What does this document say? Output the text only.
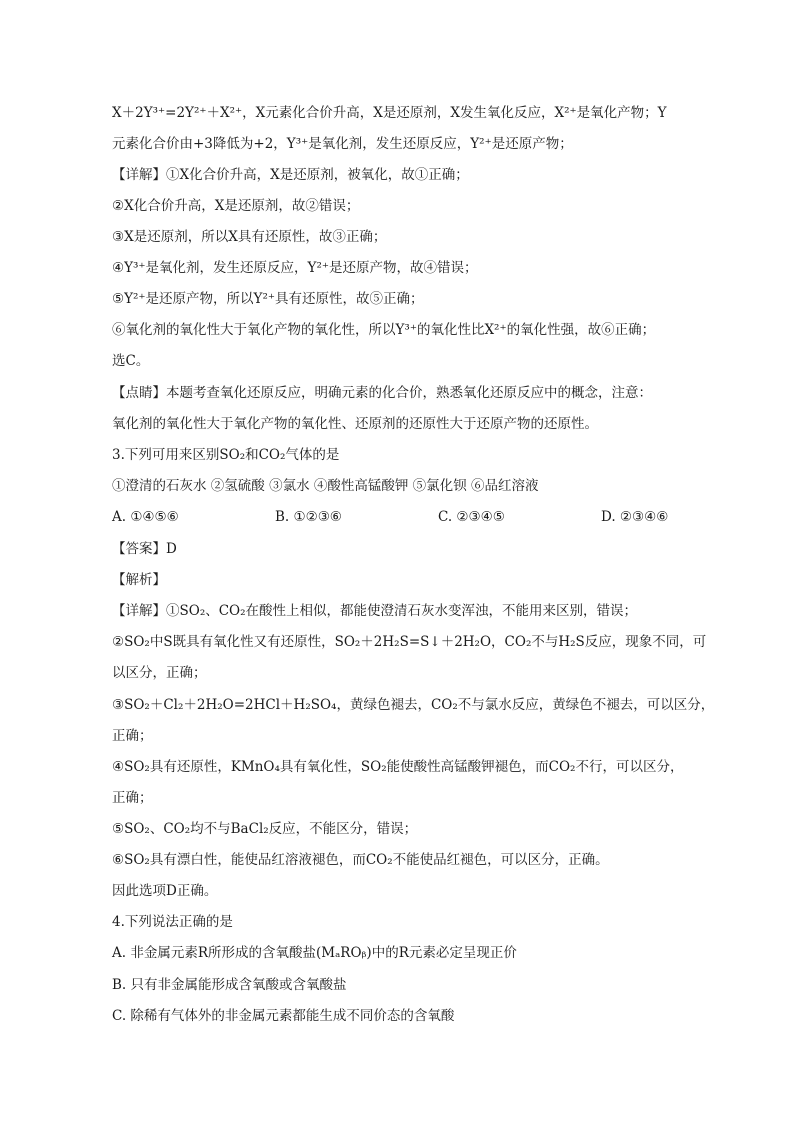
X＋2Y³⁺=2Y²⁺＋X²⁺，X元素化合价升高，X是还原剂，X发生氧化反应，X²⁺是氧化产物；Y
元素化合价由+3降低为+2，Y³⁺是氧化剂，发生还原反应，Y²⁺是还原产物；
【详解】①X化合价升高，X是还原剂，被氧化，故①正确；
②X化合价升高，X是还原剂，故②错误；
③X是还原剂，所以X具有还原性，故③正确；
④Y³⁺是氧化剂，发生还原反应，Y²⁺是还原产物，故④错误；
⑤Y²⁺是还原产物，所以Y²⁺具有还原性，故⑤正确；
⑥氧化剂的氧化性大于氧化产物的氧化性，所以Y³⁺的氧化性比X²⁺的氧化性强，故⑥正确；
选C。
【点睛】本题考查氧化还原反应，明确元素的化合价，熟悉氧化还原反应中的概念，注意：
氧化剂的氧化性大于氧化产物的氧化性、还原剂的还原性大于还原产物的还原性。
3.下列可用来区别SO₂和CO₂气体的是
①澄清的石灰水 ②氢硫酸 ③氯水 ④酸性高锰酸钾 ⑤氯化钡 ⑥品红溶液
A. ①④⑤⑥	B. ①②③⑥	C. ②③④⑤	D. ②③④⑥
【答案】D
【解析】
【详解】①SO₂、CO₂在酸性上相似，都能使澄清石灰水变浑浊，不能用来区别，错误；
②SO₂中S既具有氧化性又有还原性，SO₂＋2H₂S=S↓＋2H₂O，CO₂不与H₂S反应，现象不同，可
以区分，正确；
③SO₂＋Cl₂＋2H₂O=2HCl＋H₂SO₄，黄绿色褪去，CO₂不与氯水反应，黄绿色不褪去，可以区分，
正确；
④SO₂具有还原性，KMnO₄具有氧化性，SO₂能使酸性高锰酸钾褪色，而CO₂不行，可以区分，
正确；
⑤SO₂、CO₂均不与BaCl₂反应，不能区分，错误；
⑥SO₂具有漂白性，能使品红溶液褪色，而CO₂不能使品红褪色，可以区分，正确。
因此选项D正确。
4.下列说法正确的是
A. 非金属元素R所形成的含氧酸盐(MₐROᵦ)中的R元素必定呈现正价
B. 只有非金属能形成含氧酸或含氧酸盐
C. 除稀有气体外的非金属元素都能生成不同价态的含氧酸
